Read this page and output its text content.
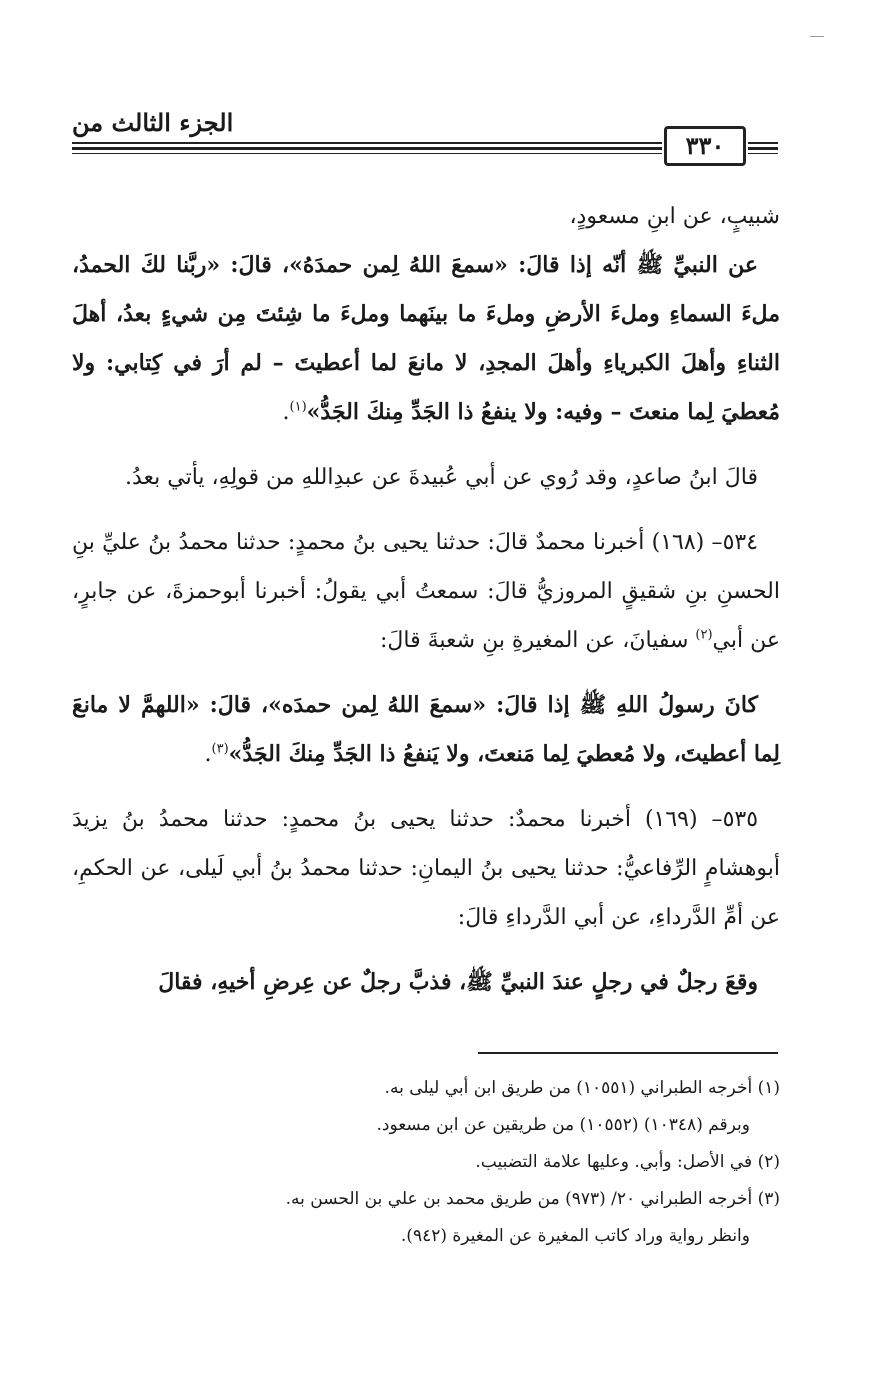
الجزء الثالث من
٣٣٠

شبيبٍ، عن ابنِ مسعودٍ،

عن النبيِّ ﷺ أنّه إذا قالَ: «سمعَ اللهُ لِمن حمدَهُ»، قالَ: «ربَّنا لكَ الحمدُ، ملءَ السماءِ وملءَ الأرضِ وملءَ ما بينَهما وملءَ ما شِئتَ مِن شيءٍ بعدُ، أهلَ الثناءِ وأهلَ الكبرياءِ وأهلَ المجدِ، لا مانعَ لما أعطيتَ – لم أرَ في كِتابي: ولا مُعطيَ لِما منعتَ – وفيه: ولا ينفعُ ذا الجَدِّ مِنكَ الجَدُّ»$^{(١)}$.

قالَ ابنُ صاعدٍ، وقد رُوي عن أبي عُبيدةَ عن عبدِاللهِ من قولِهِ، يأتي بعدُ.

٥٣٤– (١٦٨) أخبرنا محمدٌ قالَ: حدثنا يحيى بنُ محمدٍ: حدثنا محمدُ بنُ عليِّ بنِ الحسنِ بنِ شقيقٍ المروزيُّ قالَ: سمعتُ أبي يقولُ: أخبرنا أبوحمزةَ، عن جابرٍ، عن أبي$^{(٢)}$ سفيانَ، عن المغيرةِ بنِ شعبةَ قالَ:

كانَ رسولُ اللهِ ﷺ إذا قالَ: «سمعَ اللهُ لِمن حمدَه»، قالَ: «اللهمَّ لا مانعَ لِما أعطيتَ، ولا مُعطيَ لِما مَنعتَ، ولا يَنفعُ ذا الجَدِّ مِنكَ الجَدُّ»$^{(٣)}$.

٥٣٥– (١٦٩) أخبرنا محمدٌ: حدثنا يحيى بنُ محمدٍ: حدثنا محمدُ بنُ يزيدَ أبوهشامٍ الرِّفاعيُّ: حدثنا يحيى بنُ اليمانِ: حدثنا محمدُ بنُ أبي لَيلى، عن الحكمِ، عن أمِّ الدَّرداءِ، عن أبي الدَّرداءِ قالَ:

وقعَ رجلٌ في رجلٍ عندَ النبيِّ ﷺ، فذبَّ رجلٌ عن عِرضِ أخيهِ، فقالَ

(١) أخرجه الطبراني (١٠٥٥١) من طريق ابن أبي ليلى به.

وبرقم (١٠٣٤٨) (١٠٥٥٢) من طريقين عن ابن مسعود.

(٢) في الأصل: وأبي. وعليها علامة التضبيب.

(٣) أخرجه الطبراني ٢٠/ (٩٧٣) من طريق محمد بن علي بن الحسن به.

وانظر رواية وراد كاتب المغيرة عن المغيرة (٩٤٢).
